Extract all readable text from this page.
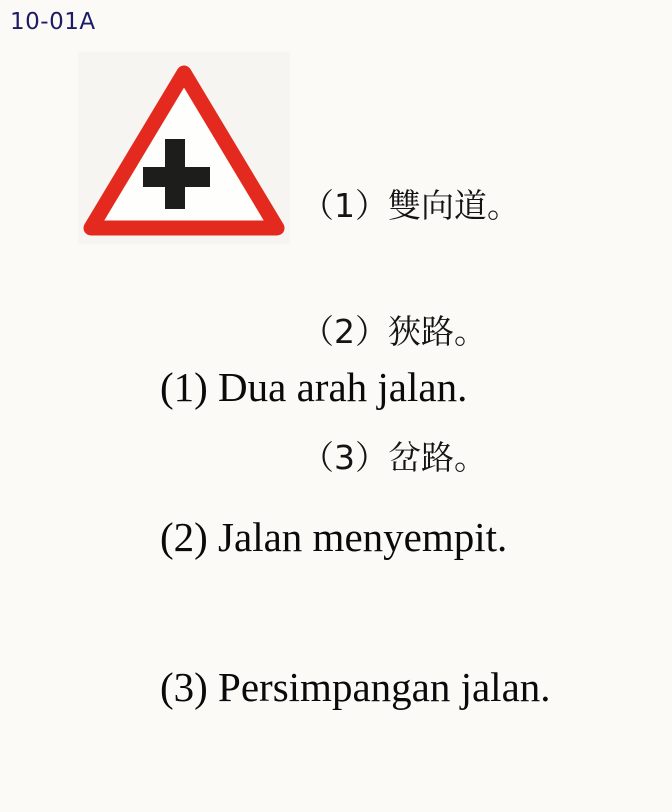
10-01A

（1）雙向道。

（2）狹路。

（3）岔路。

(1) Dua arah jalan.

(2) Jalan menyempit.

(3) Persimpangan jalan.
